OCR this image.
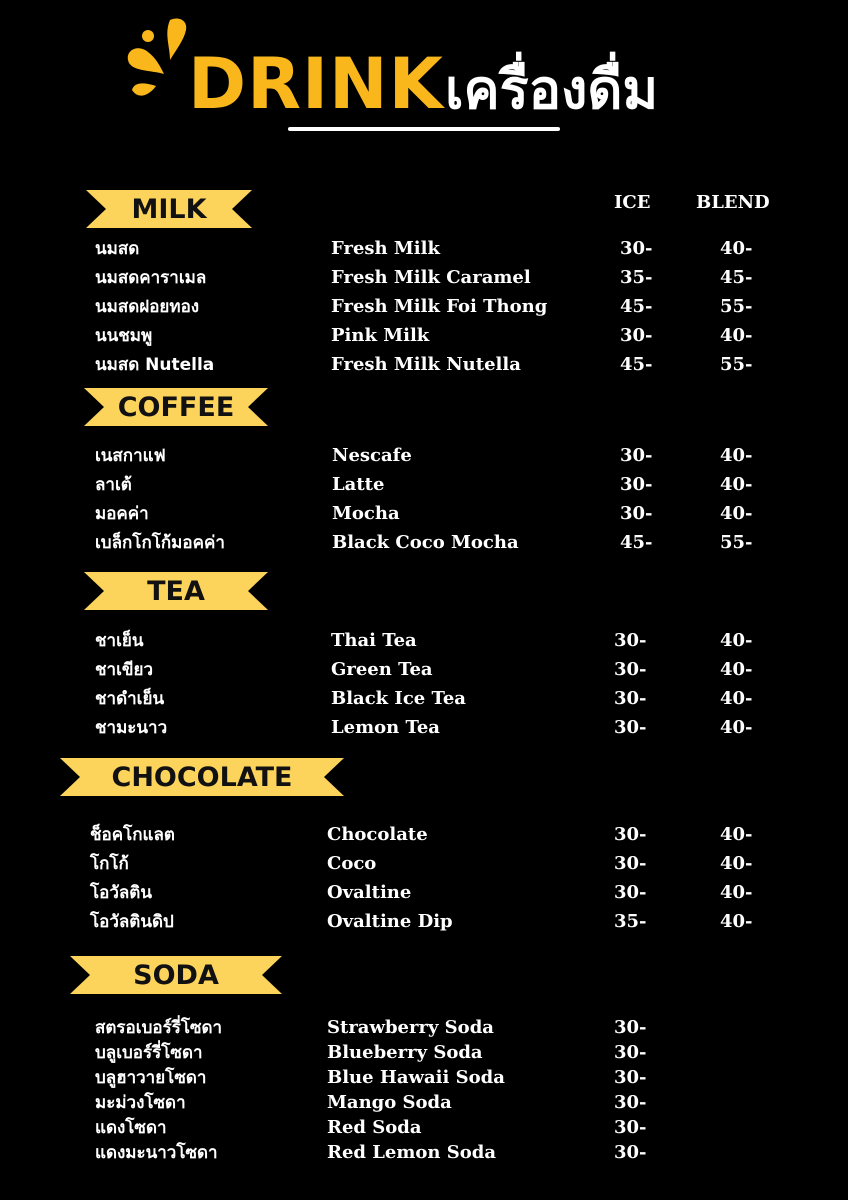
DRINK เครื่องดื่ม
ICE	BLEND
MILK
นมสด	Fresh Milk	30-	40-
นมสดคาราเมล	Fresh Milk Caramel	35-	45-
นมสดฝอยทอง	Fresh Milk Foi Thong	45-	55-
นนชมพู	Pink Milk	30-	40-
นมสด Nutella	Fresh Milk Nutella	45-	55-
COFFEE
เนสกาแฟ	Nescafe	30-	40-
ลาเต้	Latte	30-	40-
มอคค่า	Mocha	30-	40-
เบล็กโกโก้มอคค่า	Black Coco Mocha	45-	55-
TEA
ชาเย็น	Thai Tea	30-	40-
ชาเขียว	Green Tea	30-	40-
ชาดำเย็น	Black Ice Tea	30-	40-
ชามะนาว	Lemon Tea	30-	40-
CHOCOLATE
ช็อคโกแลต	Chocolate	30-	40-
โกโก้	Coco	30-	40-
โอวัลติน	Ovaltine	30-	40-
โอวัลตินดิป	Ovaltine Dip	35-	40-
SODA
สตรอเบอร์รี่โซดา	Strawberry Soda	30-
บลูเบอร์รี่โซดา	Blueberry Soda	30-
บลูฮาวายโซดา	Blue Hawaii Soda	30-
มะม่วงโซดา	Mango Soda	30-
แดงโซดา	Red Soda	30-
แดงมะนาวโซดา	Red Lemon Soda	30-
